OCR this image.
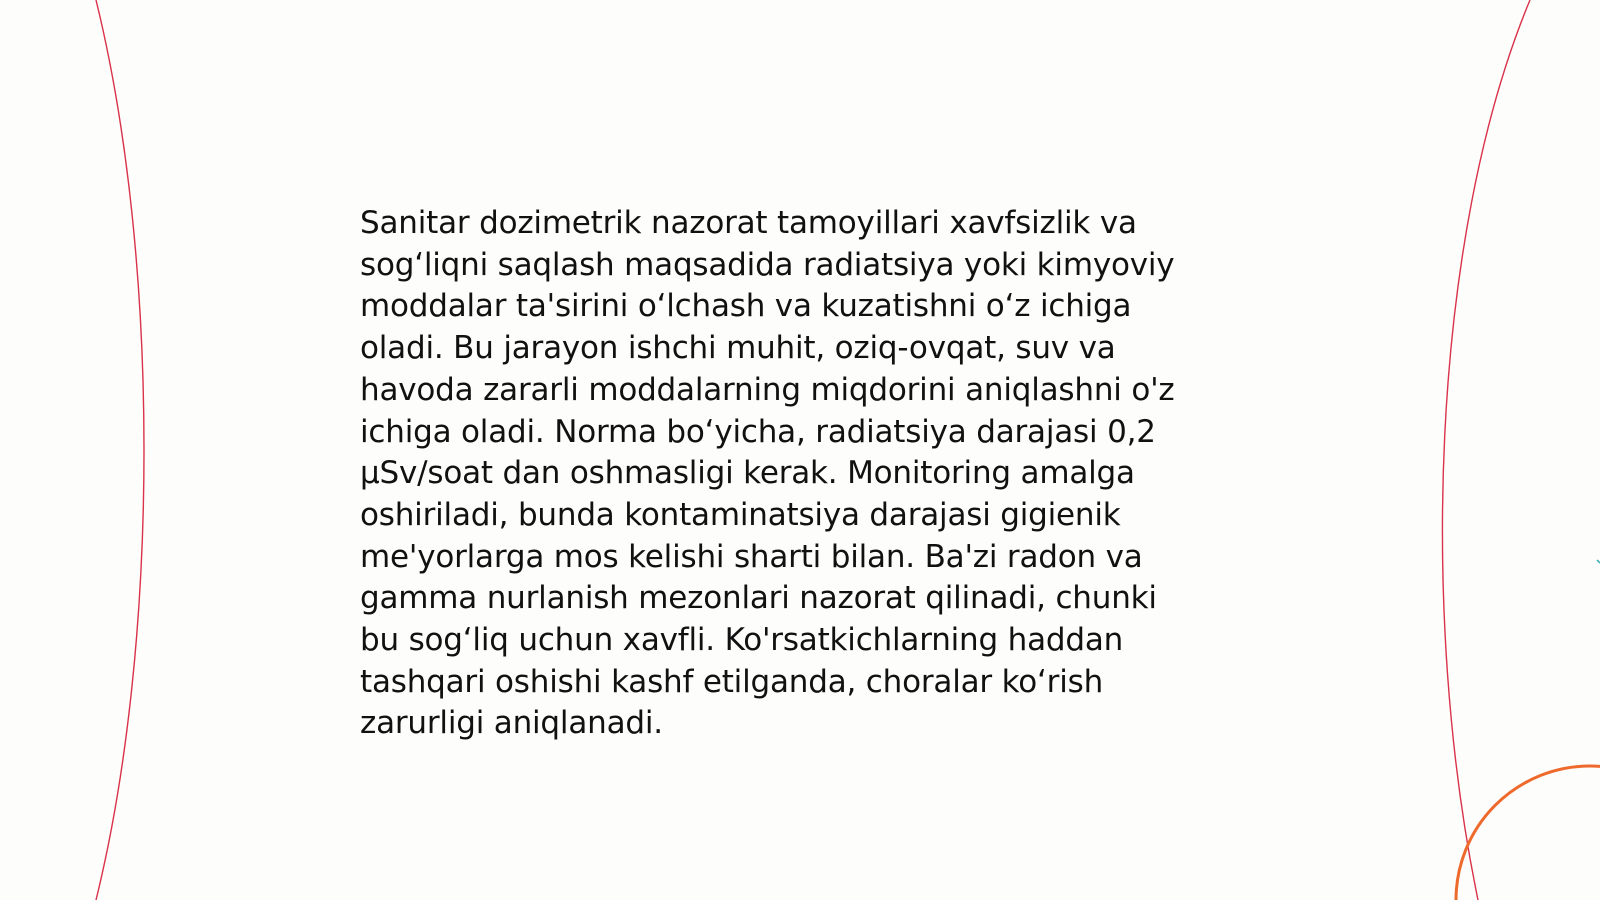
Sanitar dozimetrik nazorat tamoyillari xavfsizlik va
sog‘liqni saqlash maqsadida radiatsiya yoki kimyoviy
moddalar ta'sirini o‘lchash va kuzatishni o‘z ichiga
oladi. Bu jarayon ishchi muhit, oziq-ovqat, suv va
havoda zararli moddalarning miqdorini aniqlashni o'z
ichiga oladi. Norma bo‘yicha, radiatsiya darajasi 0,2
μSv/soat dan oshmasligi kerak. Monitoring amalga
oshiriladi, bunda kontaminatsiya darajasi gigienik
me'yorlarga mos kelishi sharti bilan. Ba'zi radon va
gamma nurlanish mezonlari nazorat qilinadi, chunki
bu sog‘liq uchun xavfli. Ko'rsatkichlarning haddan
tashqari oshishi kashf etilganda, choralar ko‘rish
zarurligi aniqlanadi.
